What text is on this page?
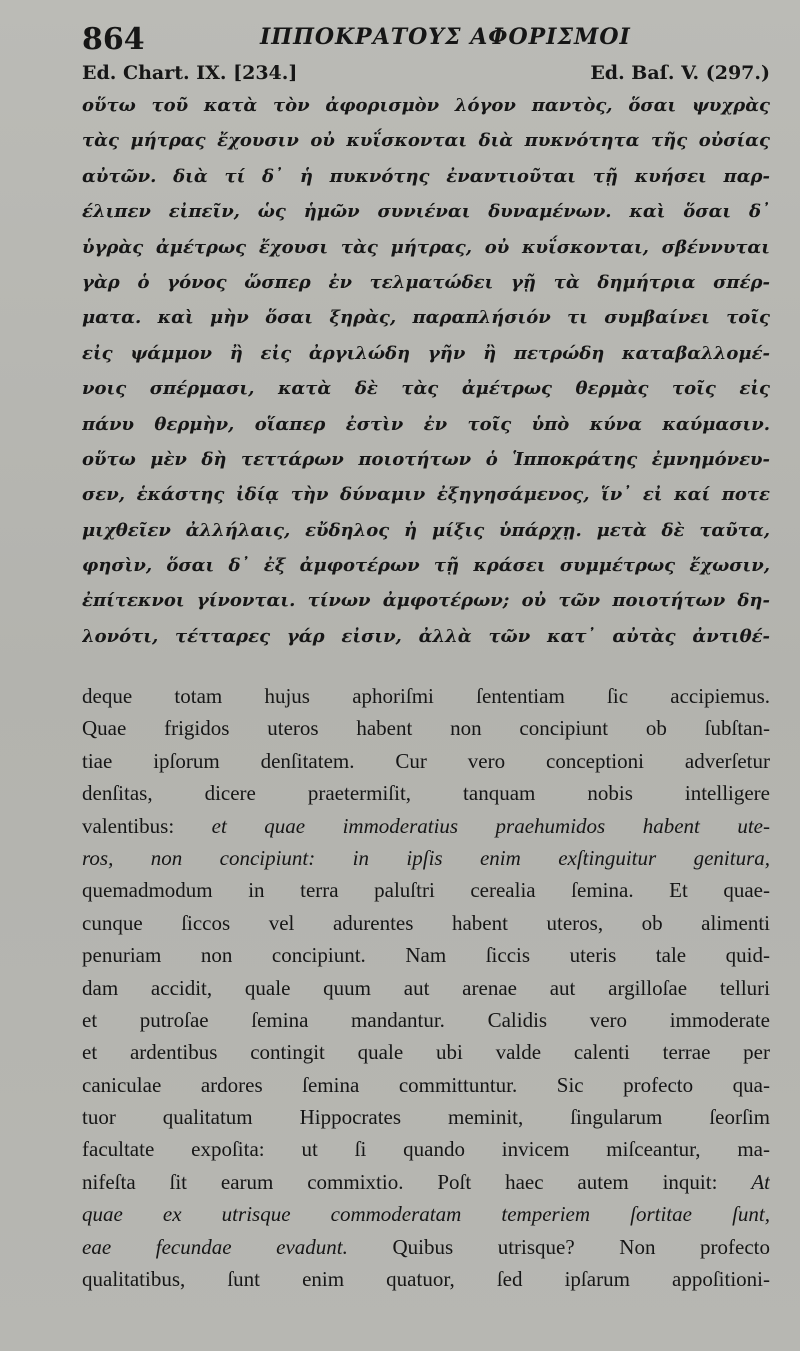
864	ΙΠΠΟΚΡΑΤΟΥΣ ΑΦΟΡΙΣΜΟΙ
Ed. Chart. IX. [234.]	Ed. Baſ. V. (297.)
οὕτω τοῦ κατὰ τὸν ἀφορισμὸν λόγον παντὸς, ὅσαι ψυχρὰς
τὰς μήτρας ἔχουσιν οὐ κυΐσκονται διὰ πυκνότητα τῆς οὐσίας
αὐτῶν. διὰ τί δ᾽ ἡ πυκνότης ἐναντιοῦται τῇ κυήσει παρ-
έλιπεν εἰπεῖν, ὡς ἡμῶν συνιέναι δυναμένων. καὶ ὅσαι δ᾽
ὑγρὰς ἀμέτρως ἔχουσι τὰς μήτρας, οὐ κυΐσκονται, σβέννυται
γὰρ ὁ γόνος ὥσπερ ἐν τελματώδει γῇ τὰ δημήτρια σπέρ-
ματα. καὶ μὴν ὅσαι ξηρὰς, παραπλήσιόν τι συμβαίνει τοῖς
εἰς ψάμμον ἢ εἰς ἀργιλώδη γῆν ἢ πετρώδη καταβαλλομέ-
νοις σπέρμασι, κατὰ δὲ τὰς ἀμέτρως θερμὰς τοῖς εἰς
πάνυ θερμὴν, οἵαπερ ἐστὶν ἐν τοῖς ὑπὸ κύνα καύμασιν.
οὕτω μὲν δὴ τεττάρων ποιοτήτων ὁ Ἱπποκράτης ἐμνημόνευ-
σεν, ἑκάστης ἰδίᾳ τὴν δύναμιν ἐξηγησάμενος, ἵν᾽ εἰ καί ποτε
μιχθεῖεν ἀλλήλαις, εὔδηλος ἡ μίξις ὑπάρχῃ. μετὰ δὲ ταῦτα,
φησὶν, ὅσαι δ᾽ ἐξ ἀμφοτέρων τῇ κράσει συμμέτρως ἔχωσιν,
ἐπίτεκνοι γίνονται. τίνων ἀμφοτέρων; οὐ τῶν ποιοτήτων δη-
λονότι, τέτταρες γάρ εἰσιν, ἀλλὰ τῶν κατ᾽ αὐτὰς ἀντιθέ-
deque totam hujus aphoriſmi ſententiam ſic accipiemus.
Quae frigidos uteros habent non concipiunt ob ſubſtan-
tiae ipſorum denſitatem. Cur vero conceptioni adverſetur
denſitas, dicere praetermiſit, tanquam nobis intelligere
valentibus: et quae immoderatius praehumidos habent ute-
ros, non concipiunt: in ipſis enim exſtinguitur genitura,
quemadmodum in terra paluſtri cerealia ſemina. Et quae-
cunque ſiccos vel adurentes habent uteros, ob alimenti
penuriam non concipiunt. Nam ſiccis uteris tale quid-
dam accidit, quale quum aut arenae aut argilloſae telluri
et putroſae ſemina mandantur. Calidis vero immoderate
et ardentibus contingit quale ubi valde calenti terrae per
caniculae ardores ſemina committuntur. Sic profecto qua-
tuor qualitatum Hippocrates meminit, ſingularum ſeorſim
facultate expoſita: ut ſi quando invicem miſceantur, ma-
nifeſta ſit earum commixtio. Poſt haec autem inquit: At
quae ex utrisque commoderatam temperiem ſortitae ſunt,
eae fecundae evadunt. Quibus utrisque? Non profecto
qualitatibus, ſunt enim quatuor, ſed ipſarum appoſitioni-
